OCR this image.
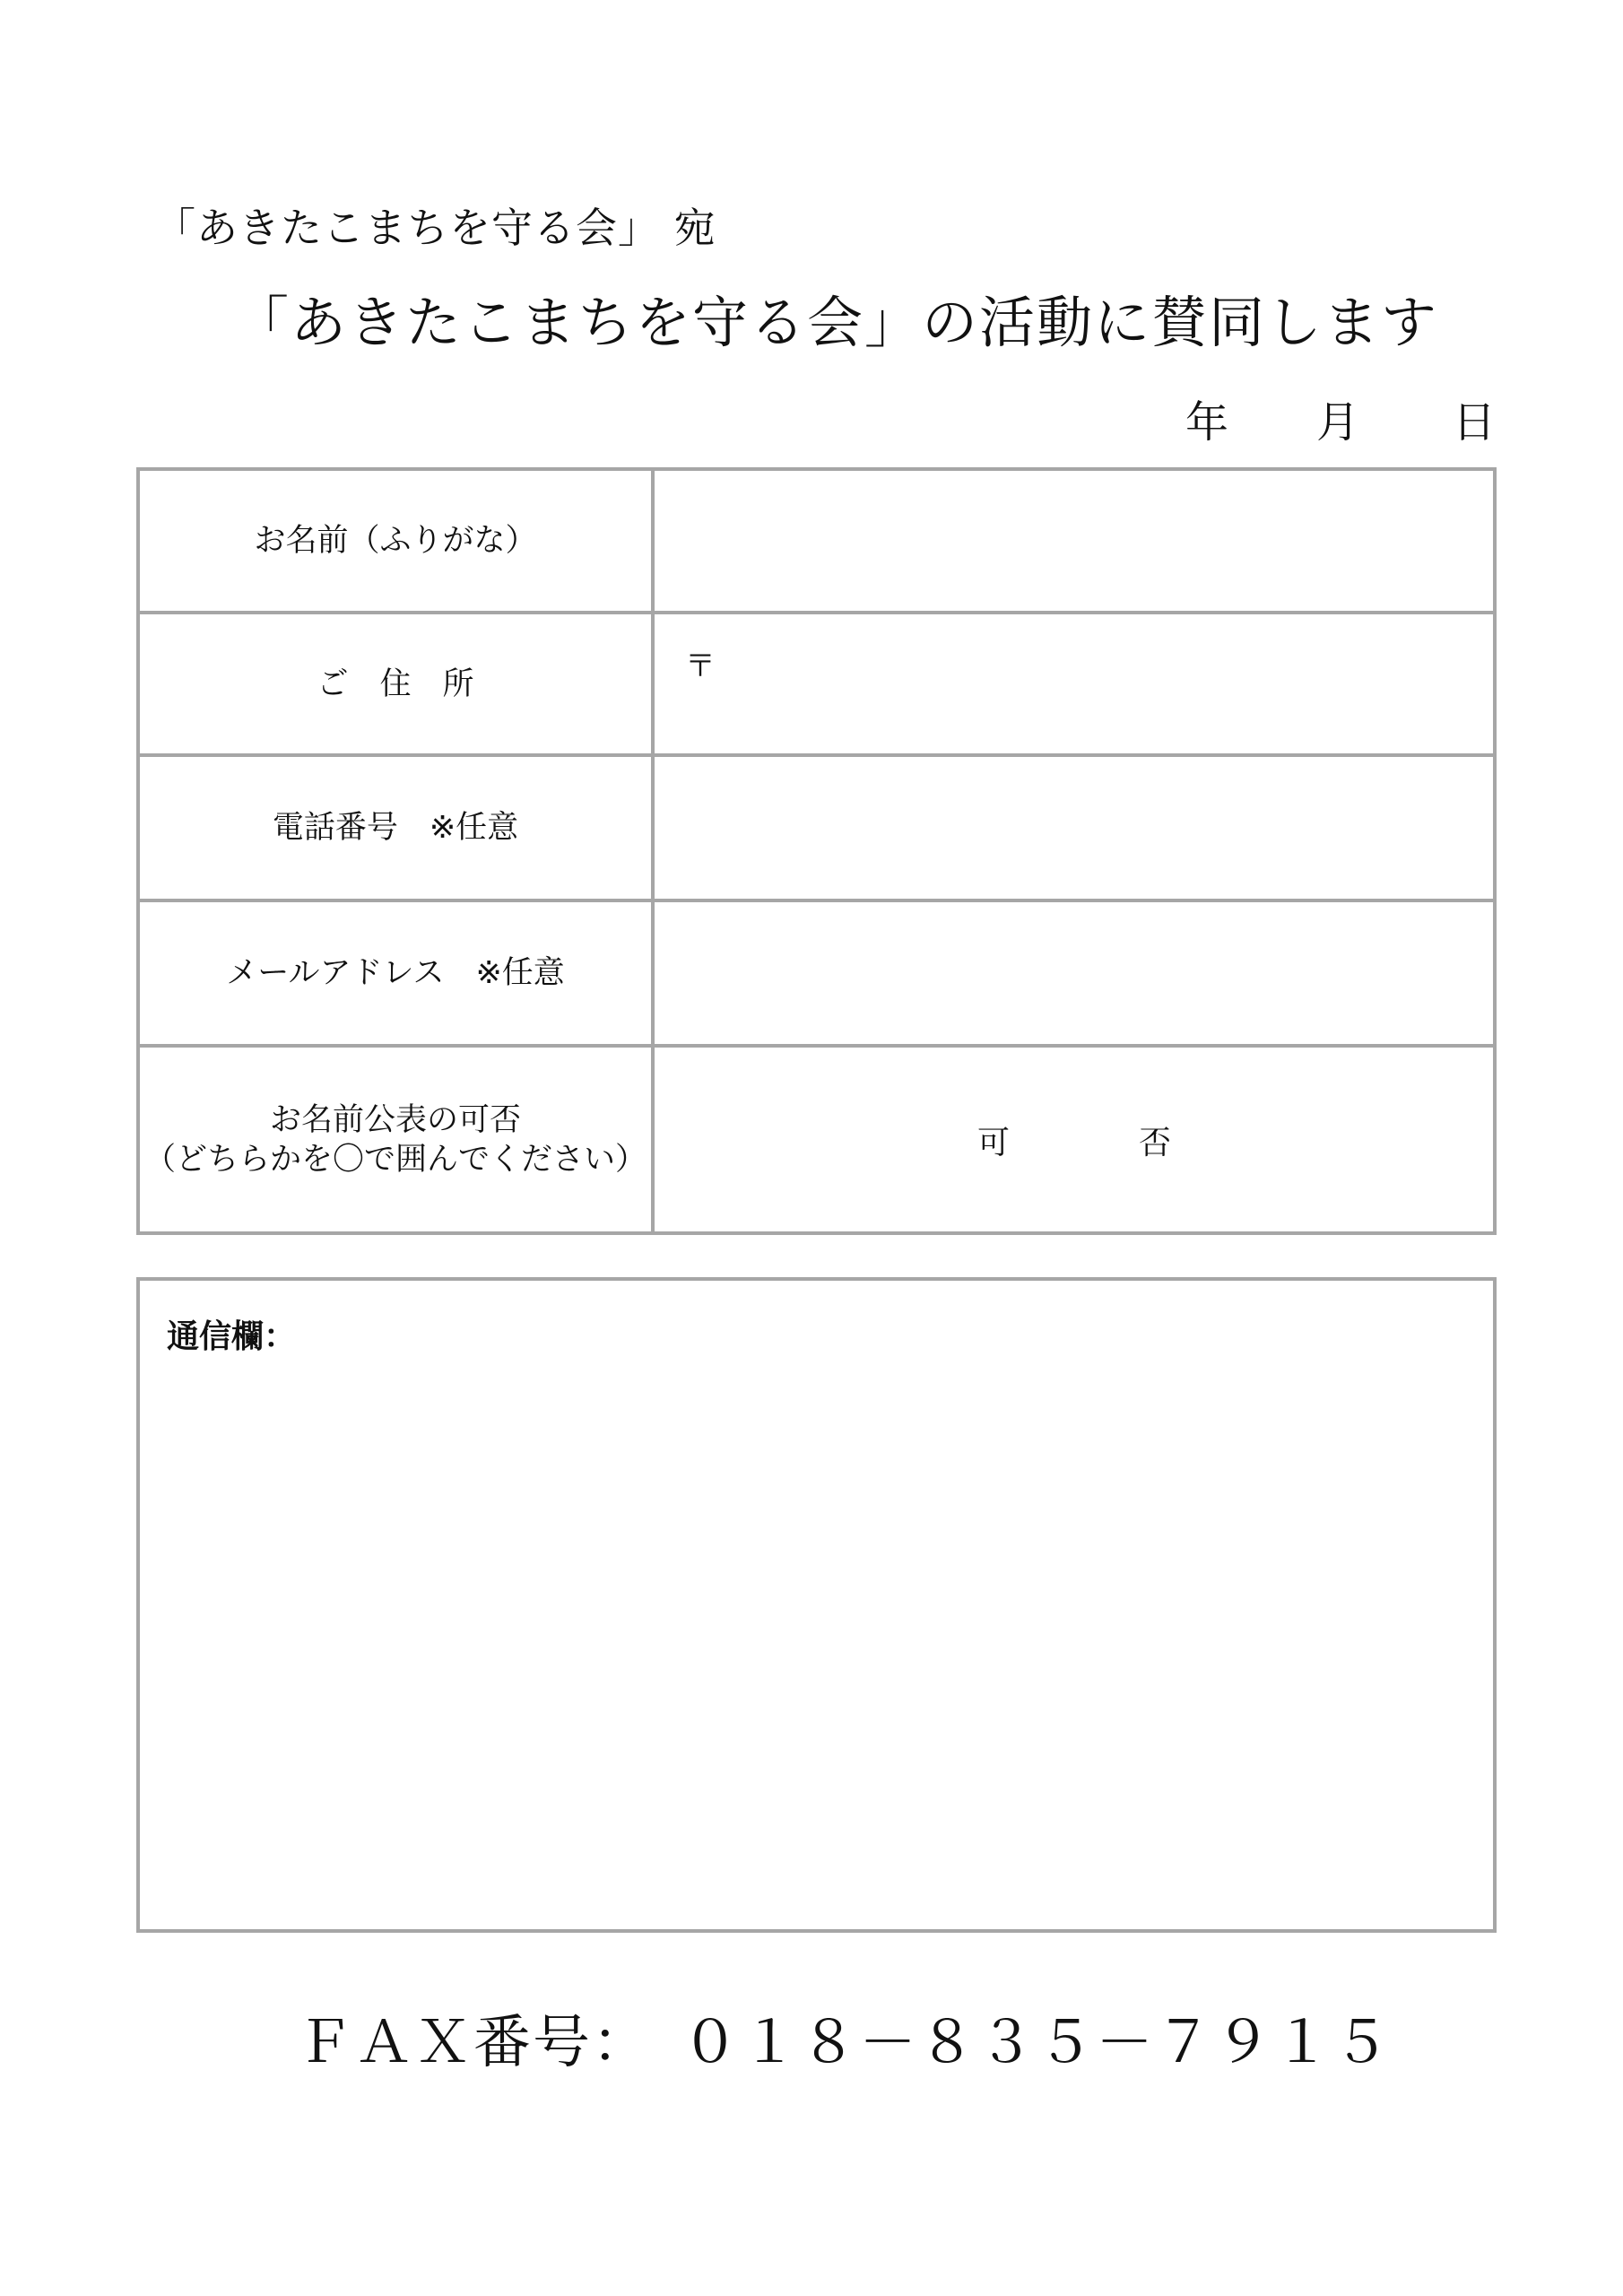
「あきたこまちを守る会」 宛
「あきたこまちを守る会」の活動に賛同します
年 月 日
お名前（ふりがな）	
ご　住　所	〒

電話番号　※任意	
メールアドレス　※任意	
お名前公表の可否
（どちらかを〇で囲んでください）	可 否
通信欄：
ＦＡＸ番号：　０１８－８３５－７９１５
